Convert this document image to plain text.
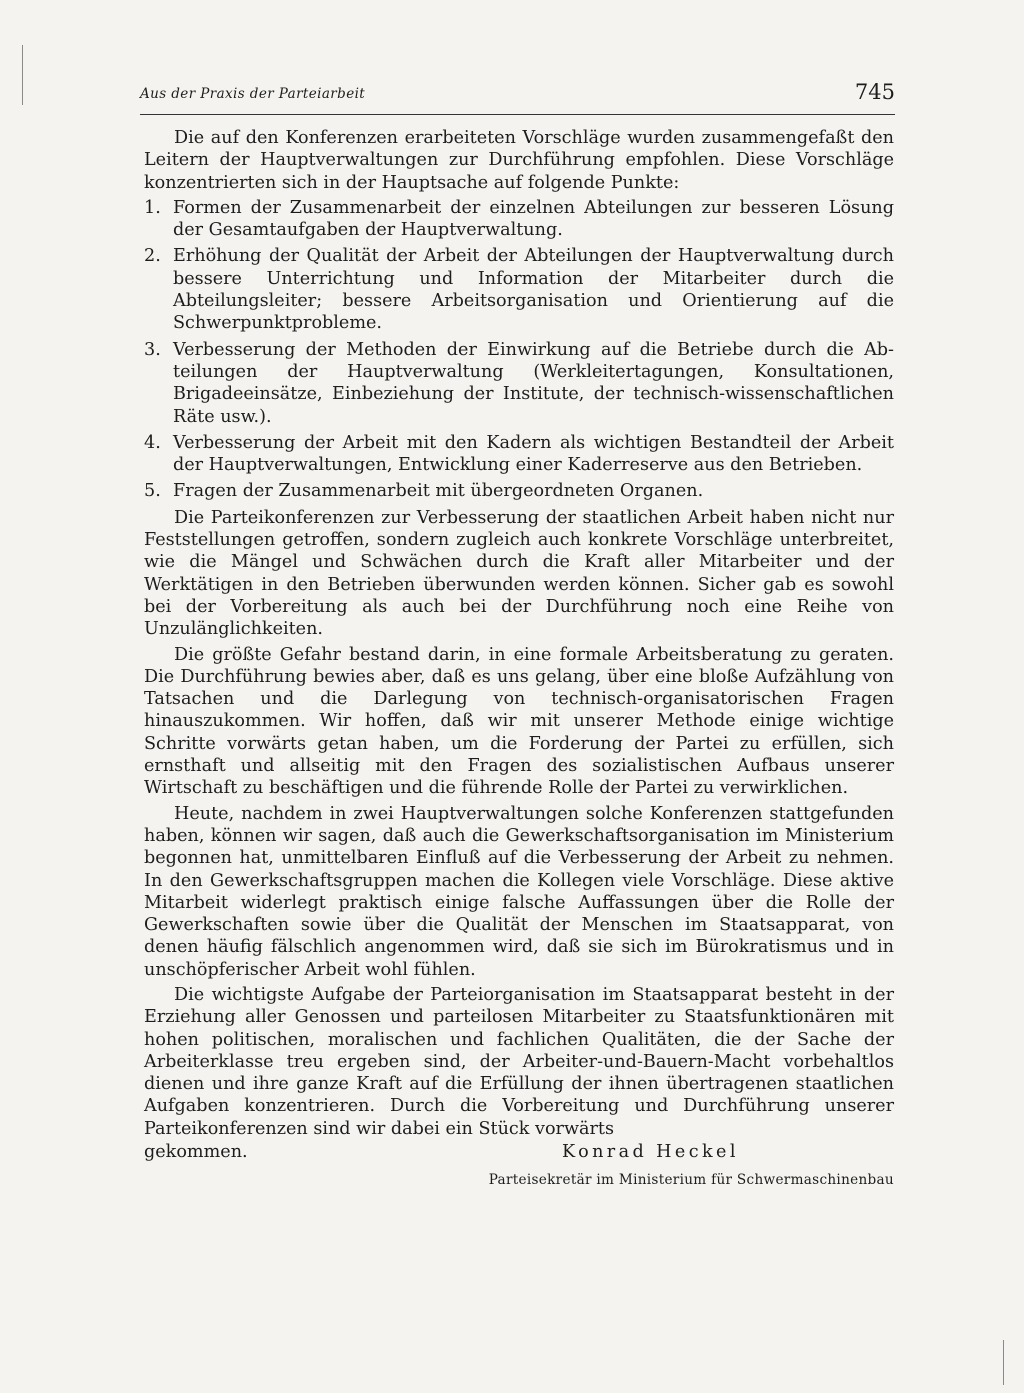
Aus der Praxis der Parteiarbeit	745

Die auf den Konferenzen erarbeiteten Vorschläge wurden zusammengefaßt den Leitern der Hauptverwaltungen zur Durchführung empfohlen. Diese Vorschläge konzentrierten sich in der Hauptsache auf folgende Punkte:

1. Formen der Zusammenarbeit der einzelnen Abteilungen zur besseren Lösung der Gesamtaufgaben der Hauptverwaltung.
2. Erhöhung der Qualität der Arbeit der Abteilungen der Hauptverwaltung durch bessere Unterrichtung und Information der Mitarbeiter durch die Abteilungsleiter; bessere Arbeitsorganisation und Orientierung auf die Schwerpunktprobleme.
3. Verbesserung der Methoden der Einwirkung auf die Betriebe durch die Abteilungen der Hauptverwaltung (Werkleitertagungen, Konsultationen, Brigadeeinsätze, Einbeziehung der Institute, der technisch-wissenschaftlichen Räte usw.).
4. Verbesserung der Arbeit mit den Kadern als wichtigen Bestandteil der Arbeit der Hauptverwaltungen, Entwicklung einer Kaderreserve aus den Betrieben.
5. Fragen der Zusammenarbeit mit übergeordneten Organen.

Die Parteikonferenzen zur Verbesserung der staatlichen Arbeit haben nicht nur Feststellungen getroffen, sondern zugleich auch konkrete Vorschläge unterbreitet, wie die Mängel und Schwächen durch die Kraft aller Mitarbeiter und der Werktätigen in den Betrieben überwunden werden können. Sicher gab es sowohl bei der Vorbereitung als auch bei der Durchführung noch eine Reihe von Unzulänglichkeiten.

Die größte Gefahr bestand darin, in eine formale Arbeitsberatung zu geraten. Die Durchführung bewies aber, daß es uns gelang, über eine bloße Aufzählung von Tatsachen und die Darlegung von technisch-organisatorischen Fragen hinauszukommen. Wir hoffen, daß wir mit unserer Methode einige wichtige Schritte vorwärts getan haben, um die Forderung der Partei zu erfüllen, sich ernsthaft und allseitig mit den Fragen des sozialistischen Aufbaus unserer Wirtschaft zu beschäftigen und die führende Rolle der Partei zu verwirklichen.

Heute, nachdem in zwei Hauptverwaltungen solche Konferenzen stattgefunden haben, können wir sagen, daß auch die Gewerkschaftsorganisation im Ministerium begonnen hat, unmittelbaren Einfluß auf die Verbesserung der Arbeit zu nehmen. In den Gewerkschaftsgruppen machen die Kollegen viele Vorschläge. Diese aktive Mitarbeit widerlegt praktisch einige falsche Auffassungen über die Rolle der Gewerkschaften sowie über die Qualität der Menschen im Staatsapparat, von denen häufig fälschlich angenommen wird, daß sie sich im Bürokratismus und in unschöpferischer Arbeit wohl fühlen.

Die wichtigste Aufgabe der Parteiorganisation im Staatsapparat besteht in der Erziehung aller Genossen und parteilosen Mitarbeiter zu Staatsfunktionären mit hohen politischen, moralischen und fachlichen Qualitäten, die der Sache der Arbeiterklasse treu ergeben sind, der Arbeiter-und-Bauern-Macht vorbehaltlos dienen und ihre ganze Kraft auf die Erfüllung der ihnen übertragenen staatlichen Aufgaben konzentrieren. Durch die Vorbereitung und Durchführung unserer Parteikonferenzen sind wir dabei ein Stück vorwärts

gekommen.	Konrad Heckel
Parteisekretär im Ministerium für Schwermaschinenbau
